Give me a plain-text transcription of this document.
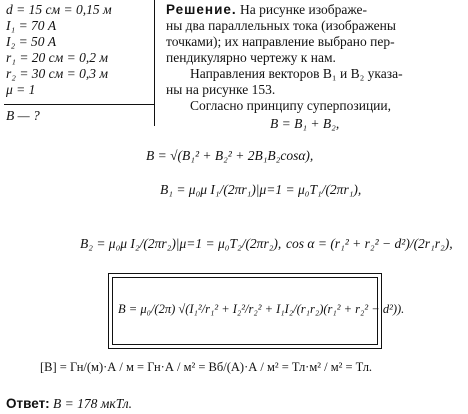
d = 15 см = 0,15 м
I₁ = 70 А
I₂ = 50 А
r₁ = 20 см = 0,2 м
r₂ = 30 см = 0,3 м
μ = 1
B — ?
Решение. На рисунке изображе-
ны два параллельных тока (изображены
точками); их направление выбрано пер-
пендикулярно чертежу к нам.
Направления векторов B₁ и B₂ указа-
ны на рисунке 153.
Согласно принципу суперпозиции,
B = B₁ + B₂,
B = √(B₁² + B₂² + 2B₁B₂cosα),
B₁ = μ₀μ I₁/(2πr₁)|μ=1 = μ₀T₁/(2πr₁),
B₂ = μ₀μ I₂/(2πr₂)|μ=1 = μ₀T₂/(2πr₂), cos α = (r₁² + r₂² − d²)/(2r₁r₂),
B = μ₀/(2π) √(I₁²/r₁² + I₂²/r₂² + I₁I₂/(r₁r₂)(r₁² + r₂² − d²)).
[B] = Гн/(м)·А / м = Гн·А / м² = Вб/(А)·А / м² = Тл·м² / м² = Тл.
Ответ: B = 178 мкТл.
